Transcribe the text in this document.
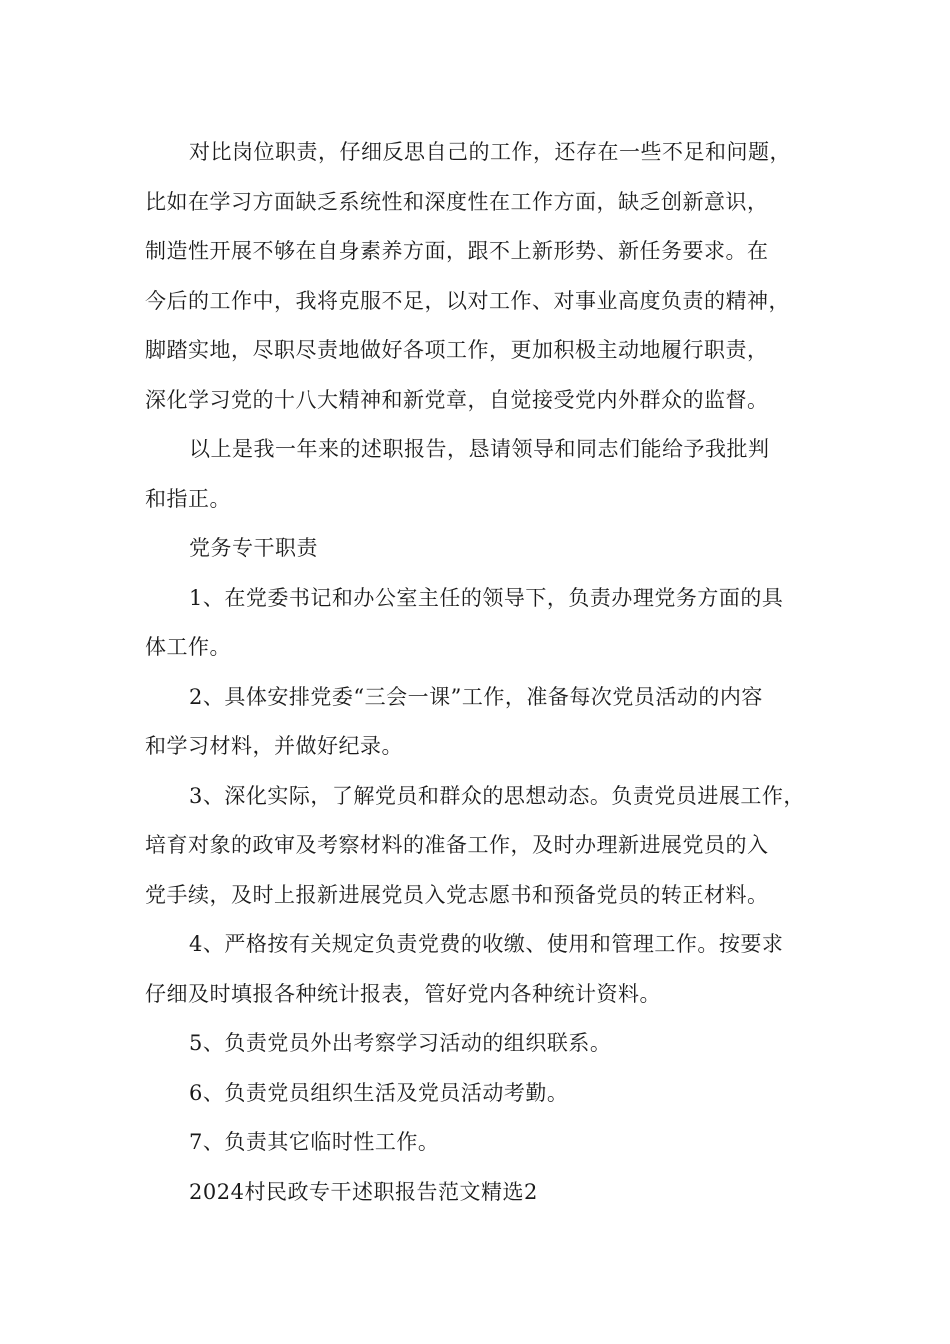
对比岗位职责，仔细反思自己的工作，还存在一些不足和问题，
比如在学习方面缺乏系统性和深度性在工作方面，缺乏创新意识，
制造性开展不够在自身素养方面，跟不上新形势、新任务要求。在
今后的工作中，我将克服不足，以对工作、对事业高度负责的精神，
脚踏实地，尽职尽责地做好各项工作，更加积极主动地履行职责，
深化学习党的十八大精神和新党章，自觉接受党内外群众的监督。

以上是我一年来的述职报告，恳请领导和同志们能给予我批判
和指正。

党务专干职责

1、在党委书记和办公室主任的领导下，负责办理党务方面的具
体工作。

2、具体安排党委“三会一课”工作，准备每次党员活动的内容
和学习材料，并做好纪录。

3、深化实际，了解党员和群众的思想动态。负责党员进展工作，
培育对象的政审及考察材料的准备工作，及时办理新进展党员的入
党手续，及时上报新进展党员入党志愿书和预备党员的转正材料。

4、严格按有关规定负责党费的收缴、使用和管理工作。按要求
仔细及时填报各种统计报表，管好党内各种统计资料。

5、负责党员外出考察学习活动的组织联系。

6、负责党员组织生活及党员活动考勤。

7、负责其它临时性工作。

2024村民政专干述职报告范文精选2
